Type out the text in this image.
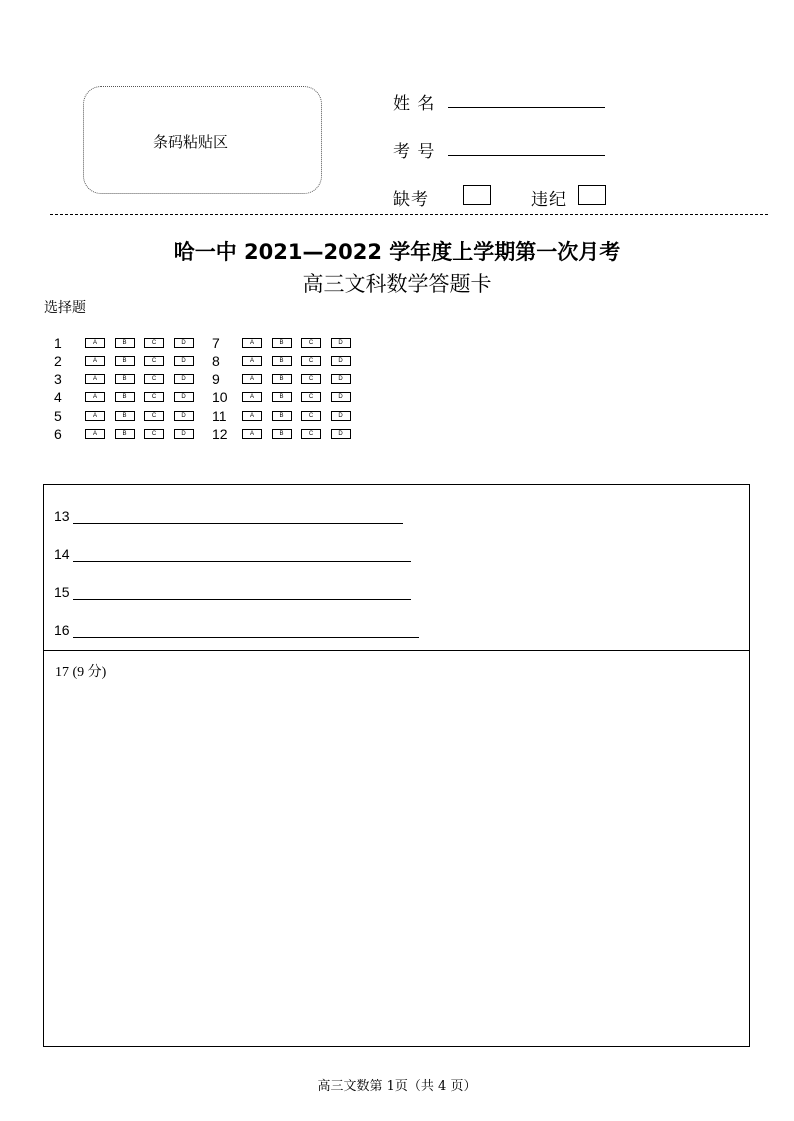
条码粘贴区
姓 名
考 号
缺考	违纪
哈一中 2021—2022 学年度上学期第一次月考
高三文科数学答题卡
选择题
1	A	B	C	D
2	A	B	C	D
3	A	B	C	D
4	A	B	C	D
5	A	B	C	D
6	A	B	C	D
7	A	B	C	D
8	A	B	C	D
9	A	B	C	D
10	A	B	C	D
11	A	B	C	D
12	A	B	C	D
13
14
15
16
17 (9 分)
高三文数第 1页（共 4 页）
